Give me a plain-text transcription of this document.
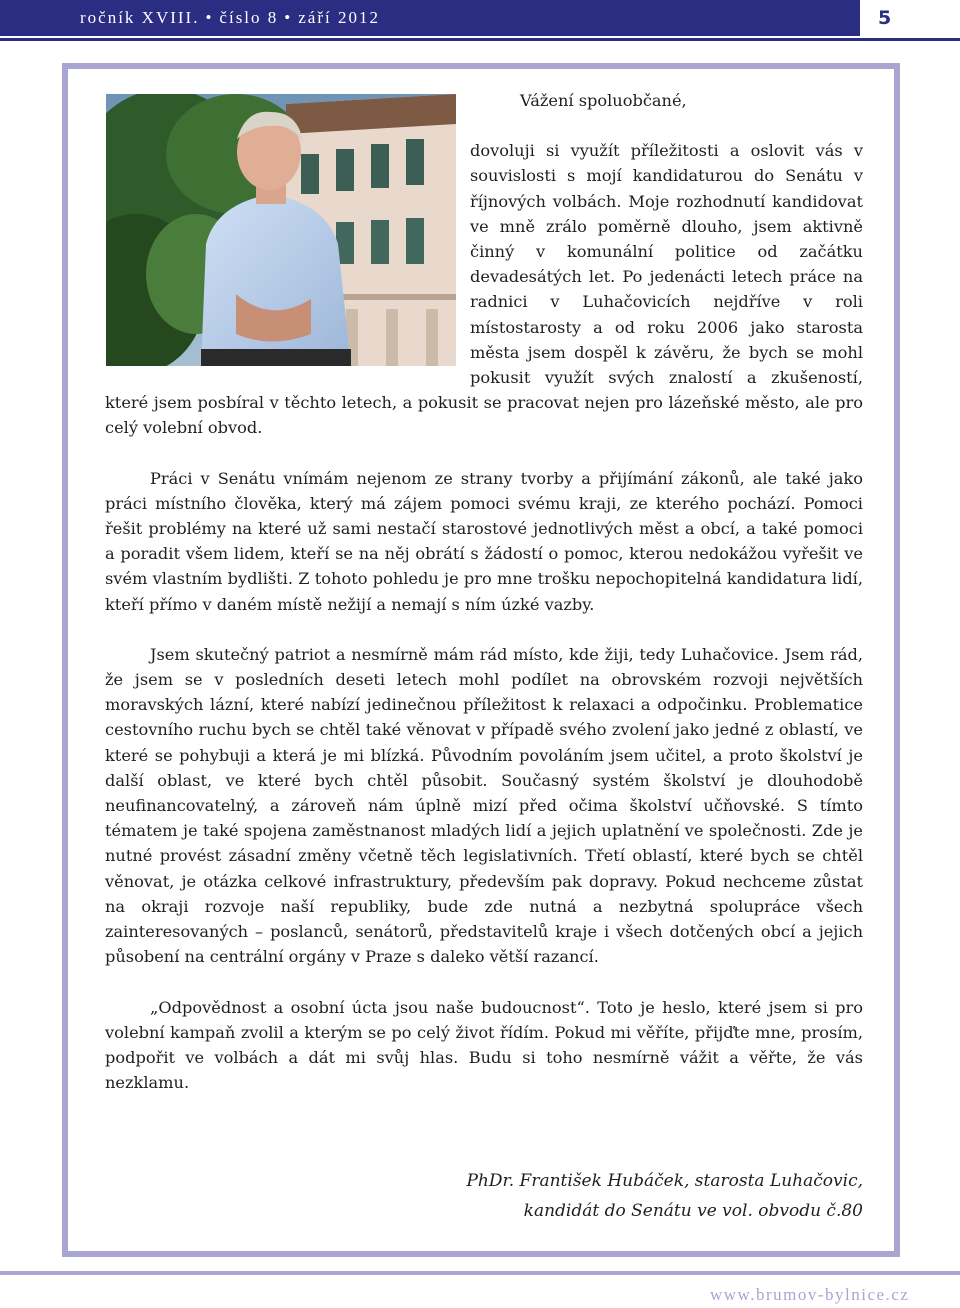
ročník XVIII. • číslo 8 • září 2012	5

Vážení spoluobčané,

dovoluji si využít příležitosti a oslovit vás v souvislosti s mojí kandidaturou do Senátu v říjnových volbách. Moje rozhodnutí kandidovat ve mně zrálo poměrně dlouho, jsem aktivně činný v komunální politice od začátku devadesátých let. Po jedenácti letech práce na radnici v Luhačovicích nejdříve v roli místostarosty a od roku 2006 jako starosta města jsem dospěl k závěru, že bych se mohl pokusit využít svých znalostí a zkušeností, které jsem posbíral v těchto letech, a pokusit se pracovat nejen pro lázeňské město, ale pro celý volební obvod.

Práci v Senátu vnímám nejenom ze strany tvorby a přijímání zákonů, ale také jako práci místního člověka, který má zájem pomoci svému kraji, ze kterého pochází. Pomoci řešit problémy na které už sami nestačí starostové jednotlivých měst a obcí, a také pomoci a poradit všem lidem, kteří se na něj obrátí s žádostí o pomoc, kterou nedokážou vyřešit ve svém vlastním bydlišti. Z tohoto pohledu je pro mne trošku nepochopitelná kandidatura lidí, kteří přímo v daném místě nežijí a nemají s ním úzké vazby.

Jsem skutečný patriot a nesmírně mám rád místo, kde žiji, tedy Luhačovice. Jsem rád, že jsem se v posledních deseti letech mohl podílet na obrovském rozvoji největších moravských lázní, které nabízí jedinečnou příležitost k relaxaci a odpočinku. Problematice cestovního ruchu bych se chtěl také věnovat v případě svého zvolení jako jedné z oblastí, ve které se pohybuji a která je mi blízká. Původním povoláním jsem učitel, a proto školství je další oblast, ve které bych chtěl působit. Současný systém školství je dlouhodobě neufinancovatelný, a zároveň nám úplně mizí před očima školství učňovské. S tímto tématem je také spojena zaměstnanost mladých lidí a jejich uplatnění ve společnosti. Zde je nutné provést zásadní změny včetně těch legislativních. Třetí oblastí, které bych se chtěl věnovat, je otázka celkové infrastruktury, především pak dopravy. Pokud nechceme zůstat na okraji rozvoje naší republiky, bude zde nutná a nezbytná spolupráce všech zainteresovaných – poslanců, senátorů, představitelů kraje i všech dotčených obcí a jejich působení na centrální orgány v Praze s daleko větší razancí.

„Odpovědnost a osobní úcta jsou naše budoucnost“. Toto je heslo, které jsem si pro volební kampaň zvolil a kterým se po celý život řídím. Pokud mi věříte, přijďte mne, prosím, podpořit ve volbách a dát mi svůj hlas. Budu si toho nesmírně vážit a věřte, že vás nezklamu.

PhDr. František Hubáček, starosta Luhačovic,
kandidát do Senátu ve vol. obvodu č.80
www.brumov-bylnice.cz
